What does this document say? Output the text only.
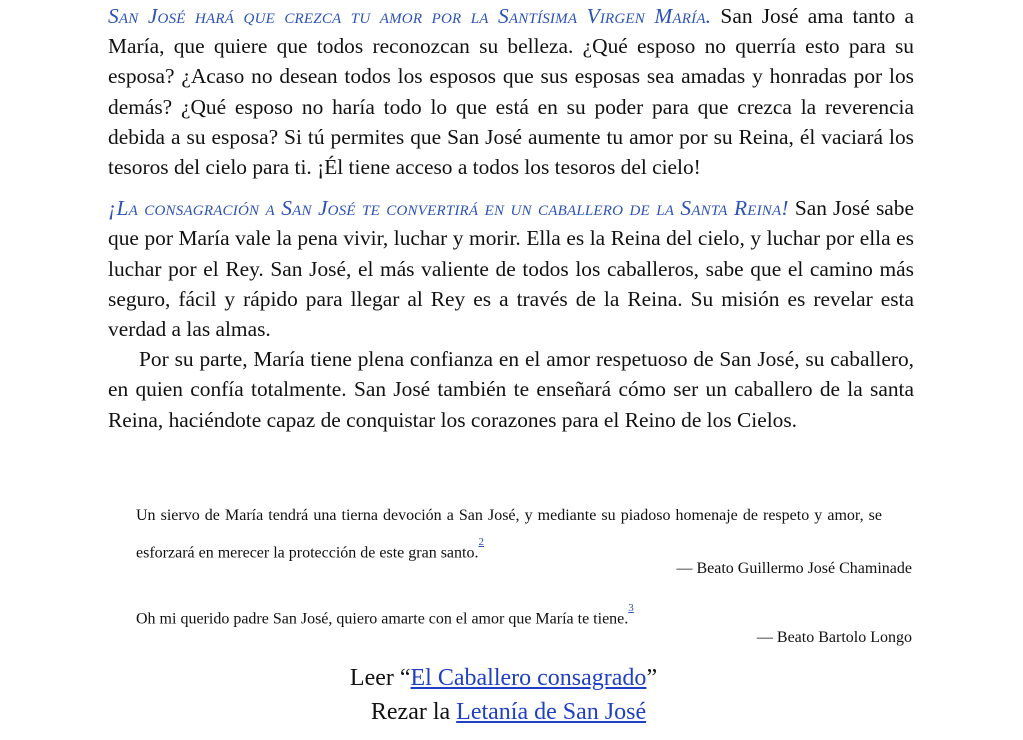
San José hará que crezca tu amor por la Santísima Virgen María. San José ama tanto a María, que quiere que todos reconozcan su belleza. ¿Qué esposo no querría esto para su esposa? ¿Acaso no desean todos los esposos que sus esposas sea amadas y honradas por los demás? ¿Qué esposo no haría todo lo que está en su poder para que crezca la reverencia debida a su esposa? Si tú permites que San José aumente tu amor por su Reina, él vaciará los tesoros del cielo para ti. ¡Él tiene acceso a todos los tesoros del cielo!

¡La consagración a San José te convertirá en un caballero de la Santa Reina! San José sabe que por María vale la pena vivir, luchar y morir. Ella es la Reina del cielo, y luchar por ella es luchar por el Rey. San José, el más valiente de todos los caballeros, sabe que el camino más seguro, fácil y rápido para llegar al Rey es a través de la Reina. Su misión es revelar esta verdad a las almas.

Por su parte, María tiene plena confianza en el amor respetuoso de San José, su caballero, en quien confía totalmente. San José también te enseñará cómo ser un caballero de la santa Reina, haciéndote capaz de conquistar los corazones para el Reino de los Cielos.

Un siervo de María tendrá una tierna devoción a San José, y mediante su piadoso homenaje de respeto y amor, se esforzará en merecer la protección de este gran santo.$^{^2}$

— Beato Guillermo José Chaminade

Oh mi querido padre San José, quiero amarte con el amor que María te tiene.$^{^3}$

— Beato Bartolo Longo

Leer “El Caballero consagrado”

Rezar la Letanía de San José
